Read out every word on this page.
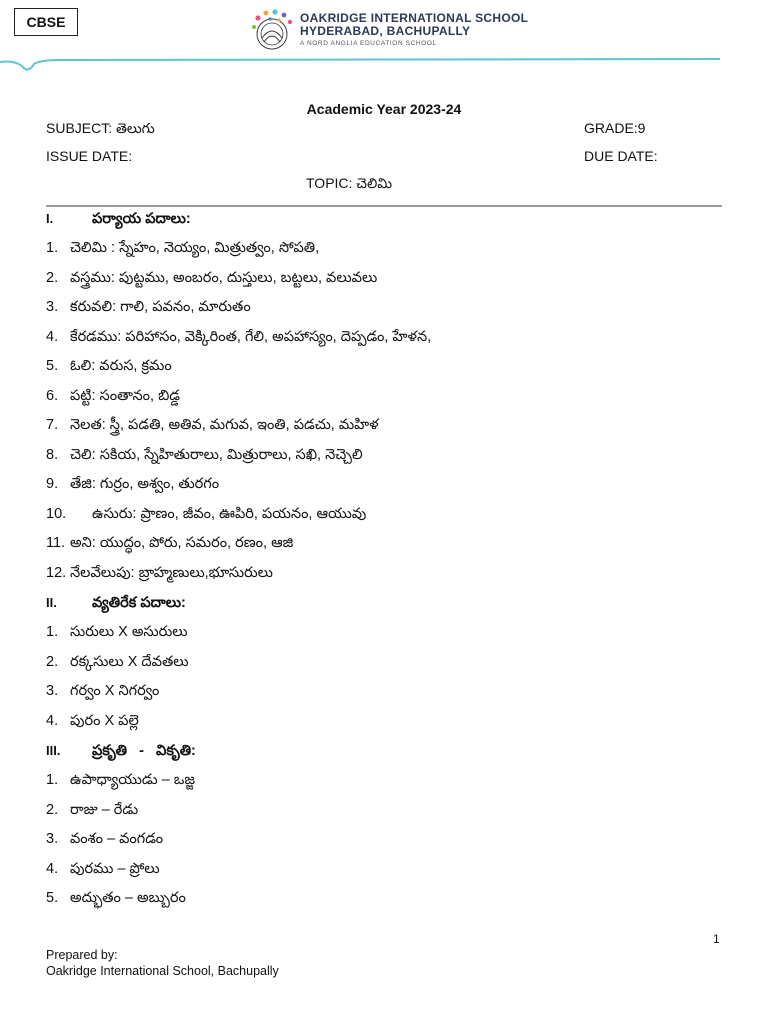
CBSE	OAKRIDGE INTERNATIONAL SCHOOL
HYDERABAD, BACHUPALLY
A NORD ANGLIA EDUCATION SCHOOL
Academic Year 2023-24
SUBJECT: తెలుగు	GRADE:9
ISSUE DATE:	DUE DATE:
TOPIC: చెలిమి
I.	పర్యాయ పదాలు:
1. చెలిమి : స్నేహం, నెయ్యం, మిత్రుత్వం, సోపతి,
2. వస్త్రము: పుట్టము, అంబరం, దుస్తులు, బట్టలు, వలువలు
3. కరువలి: గాలి, పవనం, మారుతం
4. కేరడము: పరిహాసం, వెక్కిరింత, గేలి, అపహాస్యం, దెప్పడం, హేళన,
5. ఓలి: వరుస, క్రమం
6. పట్టి: సంతానం, బిడ్డ
7. నెలత: స్త్రీ, పడతి, అతివ, మగువ, ఇంతి, పడచు, మహిళ
8. చెలి: సకియ, స్నేహితురాలు, మిత్రురాలు, సఖి, నెచ్చెలి
9. తేజి: గుర్రం, అశ్వం, తురగం
10. ఉసురు: ప్రాణం, జీవం, ఊపిరి, పయనం, ఆయువు
11. అని: యుద్ధం, పోరు, సమరం, రణం, ఆజి
12. నేలవేలుపు: బ్రాహ్మణులు,భూసురులు
II. వ్యతిరేక పదాలు:
1. సురులు X అసురులు
2. రక్కసులు X దేవతలు
3. గర్వం X నిగర్వం
4. పురం X పల్లె
III. ప్రకృతి   -   వికృతి:
1. ఉపాధ్యాయుడు – ఒజ్జ
2. రాజు – రేడు
3. వంశం – వంగడం
4. పురము – ప్రోలు
5. అద్భుతం – అబ్బురం
1
Prepared by:
Oakridge International School, Bachupally
